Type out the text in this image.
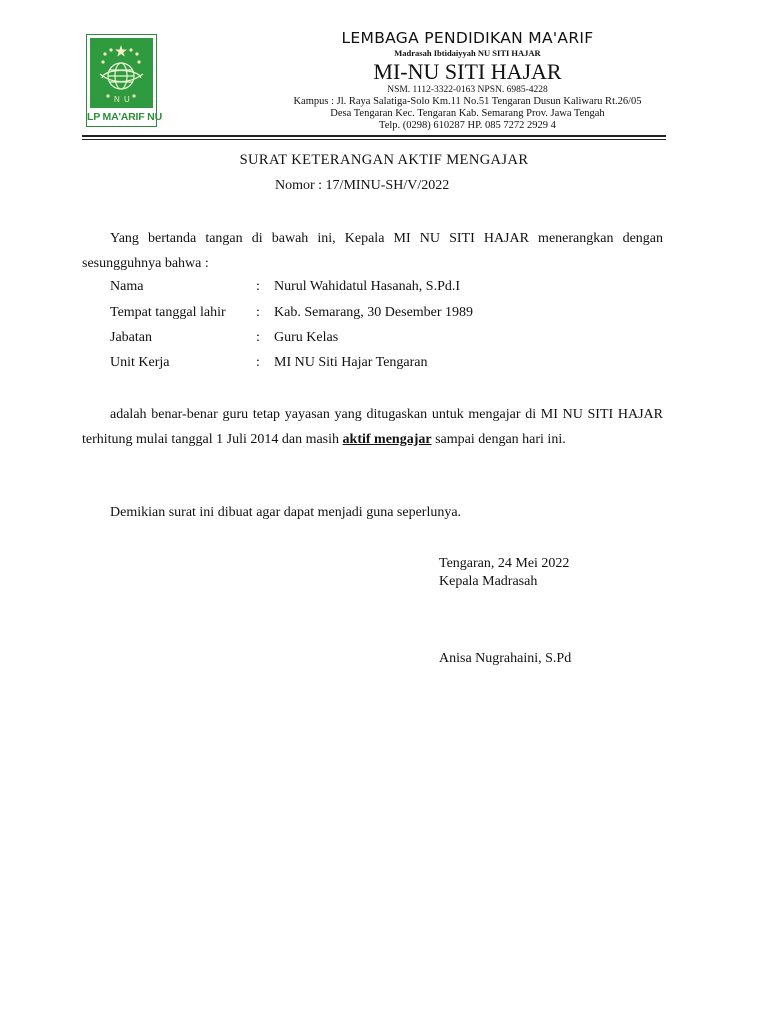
N U
LP MA'ARIF NU
LEMBAGA PENDIDIKAN MA'ARIF
Madrasah Ibtidaiyyah NU SITI HAJAR
MI-NU SITI HAJAR
NSM. 1112-3322-0163 NPSN. 6985-4228
Kampus : Jl. Raya Salatiga-Solo Km.11 No.51 Tengaran Dusun Kaliwaru Rt.26/05
Desa Tengaran Kec. Tengaran Kab. Semarang Prov. Jawa Tengah
Telp. (0298) 610287 HP. 085 7272 2929 4
SURAT KETERANGAN AKTIF MENGAJAR
Nomor : 17/MINU-SH/V/2022
Yang bertanda tangan di bawah ini, Kepala MI NU SITI HAJAR menerangkan dengan sesungguhnya bahwa :
Nama	: Nurul Wahidatul Hasanah, S.Pd.I
Tempat tanggal lahir : Kab. Semarang, 30 Desember 1989
Jabatan	: Guru Kelas
Unit Kerja	: MI NU Siti Hajar Tengaran
adalah benar-benar guru tetap yayasan yang ditugaskan untuk mengajar di MI NU SITI HAJAR terhitung mulai tanggal 1 Juli 2014 dan masih aktif mengajar sampai dengan hari ini.
Demikian surat ini dibuat agar dapat menjadi guna seperlunya.
Tengaran, 24 Mei 2022
Kepala Madrasah
Anisa Nugrahaini, S.Pd
